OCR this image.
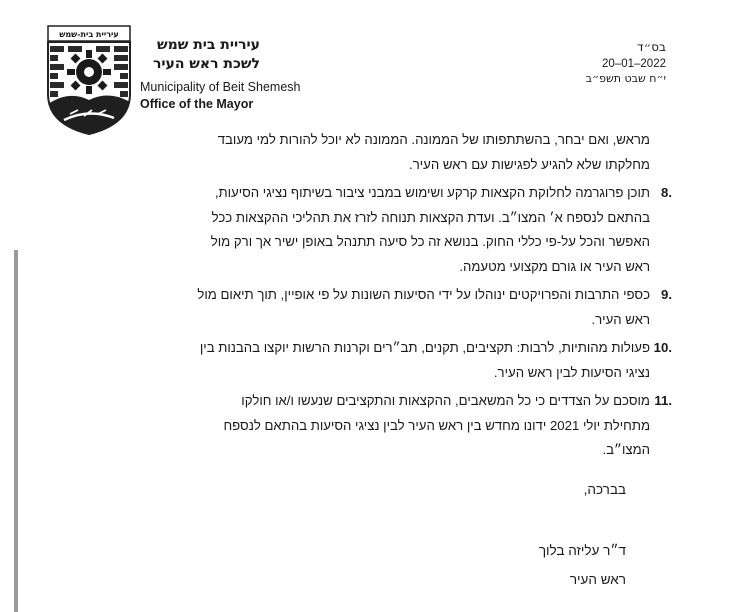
עיריית בית-שמש
עיריית בית שמש
לשכת ראש העיר
Municipality of Beit Shemesh
Office of the Mayor
בס״ד
20–01–2022
י״ח שבט תשפ״ב
מראש, ואם יבחר, בהשתתפותו של הממונה. הממונה לא יוכל להורות למי מעובד
מחלקתו שלא להגיע לפגישות עם ראש העיר.
.8
תוכן פרוגרמה לחלוקת הקצאות קרקע ושימוש במבני ציבור בשיתוף נציגי הסיעות,
בהתאם לנספח א׳ המצו״ב. ועדת הקצאות תנוחה לזרז את תהליכי ההקצאות ככל
האפשר והכל על-פי כללי החוק. בנושא זה כל סיעה תתנהל באופן ישיר אך ורק מול
ראש העיר או גורם מקצועי מטעמה.
.9
כספי התרבות והפרויקטים ינוהלו על ידי הסיעות השונות על פי אופיין, תוך תיאום מול
ראש העיר.
.10
פעולות מהותיות, לרבות: תקציבים, תקנים, תב״רים וקרנות הרשות יוקצו בהבנות בין
נציגי הסיעות לבין ראש העיר.
.11
מוסכם על הצדדים כי כל המשאבים, ההקצאות והתקציבים שנעשו ו/או חולקו
מתחילת יולי 2021 ידונו מחדש בין ראש העיר לבין נציגי הסיעות בהתאם לנספח
המצו״ב.
בברכה,
ד״ר עליזה בלוך
ראש העיר
